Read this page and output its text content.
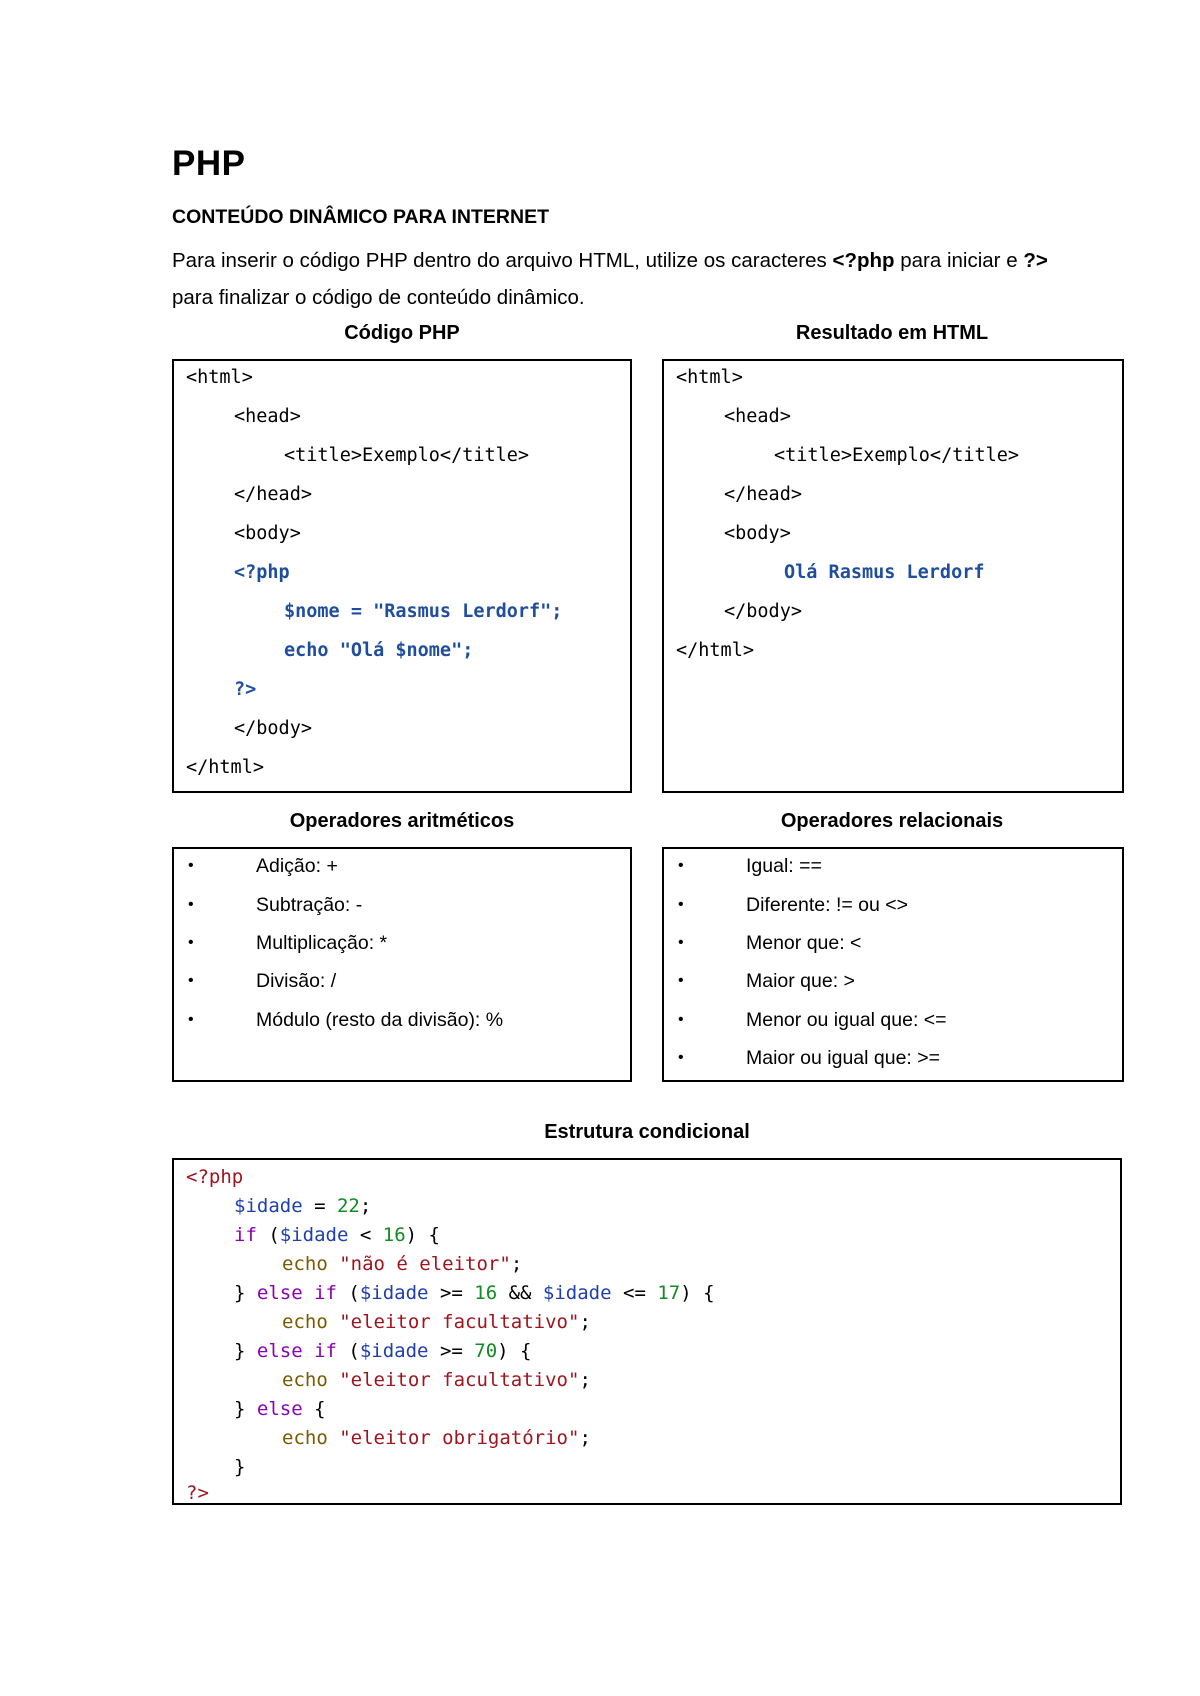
PHP
CONTEÚDO DINÂMICO PARA INTERNET
Para inserir o código PHP dentro do arquivo HTML, utilize os caracteres <?php para iniciar e ?> para finalizar o código de conteúdo dinâmico.
Código PHP	Resultado em HTML
<html>
<head>
<title>Exemplo</title>
</head>
<body>
<?php
$nome = "Rasmus Lerdorf";
echo "Olá $nome";
?>
</body>
</html>
<html>
<head>
<title>Exemplo</title>
</head>
<body>
Olá Rasmus Lerdorf
</body>
</html>
Operadores aritméticos	Operadores relacionais
•	Adição: +
•	Subtração: -
•	Multiplicação: *
•	Divisão: /
•	Módulo (resto da divisão): %
•	Igual: ==
•	Diferente: != ou <>
•	Menor que: <
•	Maior que: >
•	Menor ou igual que: <=
•	Maior ou igual que: >=
Estrutura condicional
<?php
$idade = 22;
if ($idade < 16) {
echo "não é eleitor";
} else if ($idade >= 16 && $idade <= 17) {
echo "eleitor facultativo";
} else if ($idade >= 70) {
echo "eleitor facultativo";
} else {
echo "eleitor obrigatório";
}
?>
